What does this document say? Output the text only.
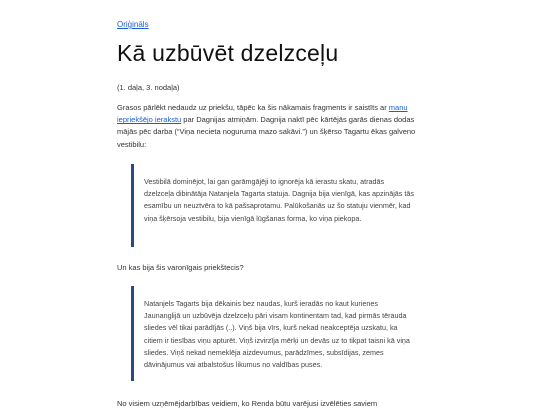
Oriģināls
Kā uzbūvēt dzelzceļu
(1. daļa, 3. nodaļa)

Grasos pārlēkt nedaudz uz priekšu, tāpēc ka šis nākamais fragments ir saistīts ar manu iepriekšējo ierakstu par Dagnijas atmiņām. Dagnija naktī pēc kārtējās garās dienas dodas mājās pēc darba (“Viņa necieta noguruma mazo sakāvi.”) un šķērso Tagartu ēkas galveno vestibilu:

Vestibilā dominējot, lai gan garāmgājēji to ignorēja kā ierastu skatu, atradās dzelzceļa dibinātāja Natanjela Tagarta statuja. Dagnija bija vienīgā, kas apzinājās tās esamību un neuztvēra to kā pašsaprotamu. Palūkošanās uz šo statuju vienmēr, kad viņa šķērsoja vestibilu, bija vienīgā lūgšanas forma, ko viņa piekopa.

Un kas bija šis varonīgais priekštecis?

Natanjels Tagarts bija dēkainis bez naudas, kurš ieradās no kaut kurienes Jaunanglijā un uzbūvēja dzelzceļu pāri visam kontinentam tad, kad pirmās tērauda sliedes vēl tikai parādījās (..). Viņš bija vīrs, kurš nekad neakceptēja uzskatu, ka citiem ir tiesības viņu apturēt. Viņš izvirzīja mērķi un devās uz to tikpat taisni kā viņa sliedes. Viņš nekad nemeklēja aizdevumus, parādzīmes, subsīdijas, zemes dāvinājumus vai atbalstošus likumus no valdības puses.

No visiem uzņēmējdarbības veidiem, ko Renda būtu varējusi izvēlēties saviem
